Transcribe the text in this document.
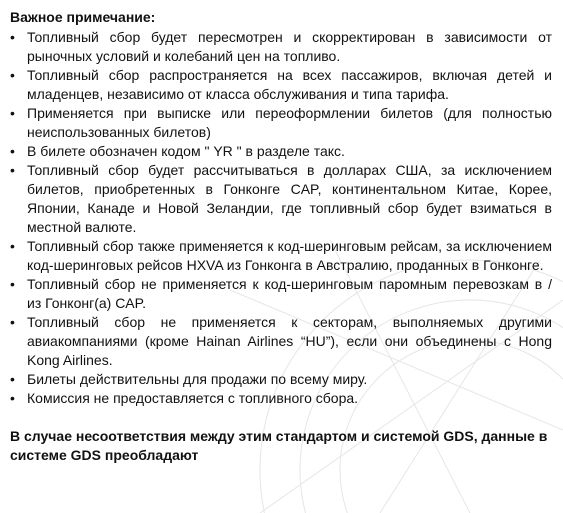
Важное примечание:
• Топливный сбор будет пересмотрен и скорректирован в зависимости от рыночных условий и колебаний цен на топливо.
• Топливный сбор распространяется на всех пассажиров, включая детей и младенцев, независимо от класса обслуживания и типа тарифа.
• Применяется при выписке или переоформлении билетов (для полностью неиспользованных билетов)
• В билете обозначен кодом " YR " в разделе такс.
• Топливный сбор будет рассчитываться в долларах США, за исключением билетов, приобретенных в Гонконге CAP, континентальном Китае, Корее, Японии, Канаде и Новой Зеландии, где топливный сбор будет взиматься в местной валюте.
• Топливный сбор также применяется к код-шеринговым рейсам, за исключением код-шеринговых рейсов HXVA из Гонконга в Австралию, проданных в Гонконге.
• Топливный сбор не применяется к код-шеринговым паромным перевозкам в / из Гонконг(а) CAP.
• Топливный сбор не применяется к секторам, выполняемых другими авиакомпаниями (кроме Hainan Airlines “HU”), если они объединены с Hong Kong Airlines.
• Билеты действительны для продажи по всему миру.
• Комиссия не предоставляется с топливного сбора.
В случае несоответствия между этим стандартом и системой GDS, данные в системе GDS преобладают
